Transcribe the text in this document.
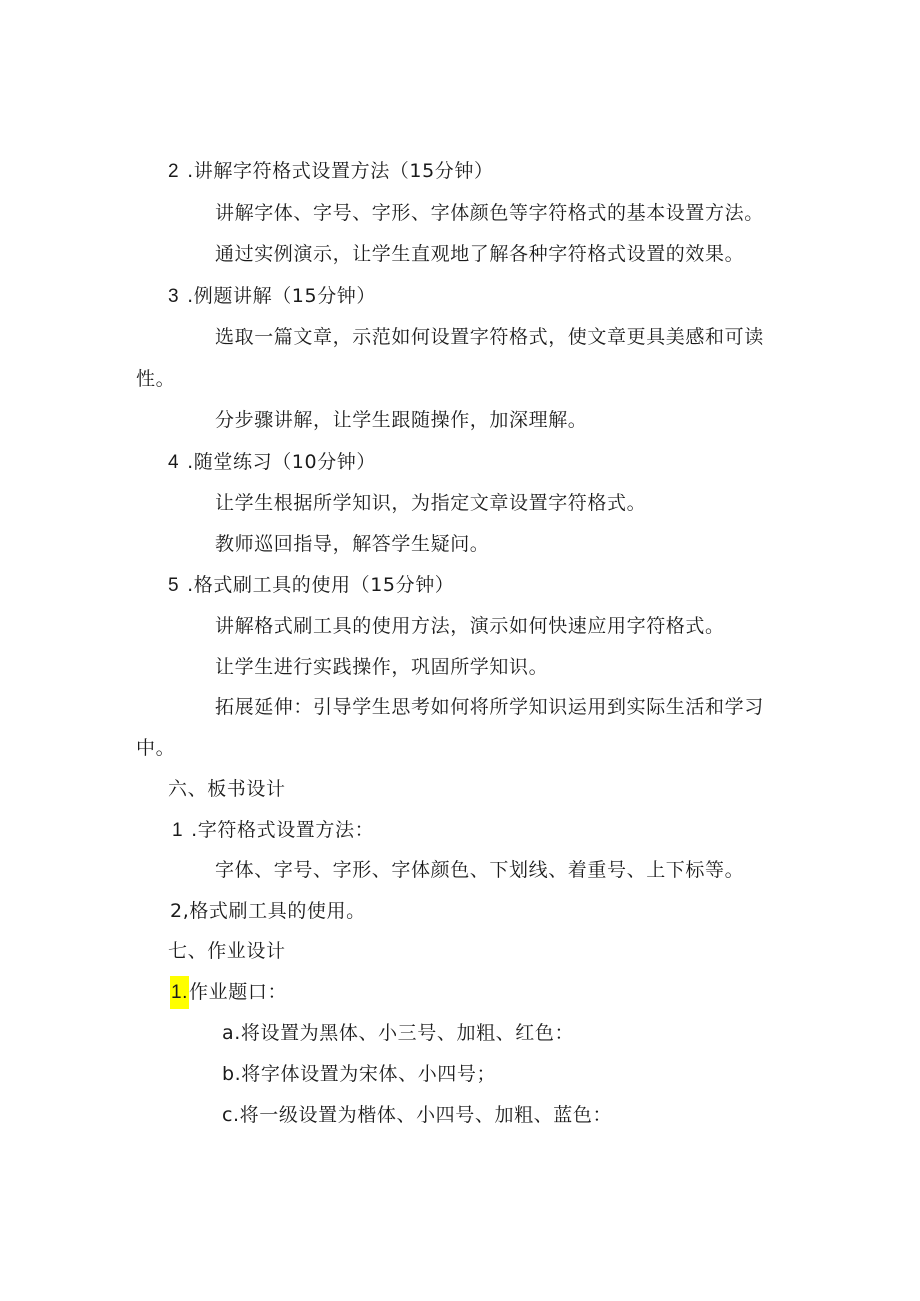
2 .讲解字符格式设置方法（15分钟）
讲解字体、字号、字形、字体颜色等字符格式的基本设置方法。
通过实例演示，让学生直观地了解各种字符格式设置的效果。
3 .例题讲解（15分钟）
选取一篇文章，示范如何设置字符格式，使文章更具美感和可读
性。
分步骤讲解，让学生跟随操作，加深理解。
4 .随堂练习（10分钟）
让学生根据所学知识，为指定文章设置字符格式。
教师巡回指导，解答学生疑问。
5 .格式刷工具的使用（15分钟）
讲解格式刷工具的使用方法，演示如何快速应用字符格式。
让学生进行实践操作，巩固所学知识。
拓展延伸：引导学生思考如何将所学知识运用到实际生活和学习
中。
六、板书设计
1 .字符格式设置方法：
字体、字号、字形、字体颜色、下划线、着重号、上下标等。
2,格式刷工具的使用。
七、作业设计
1.作业题口：
a.将设置为黑体、小三号、加粗、红色：
b.将字体设置为宋体、小四号；
c.将一级设置为楷体、小四号、加粗、蓝色：
